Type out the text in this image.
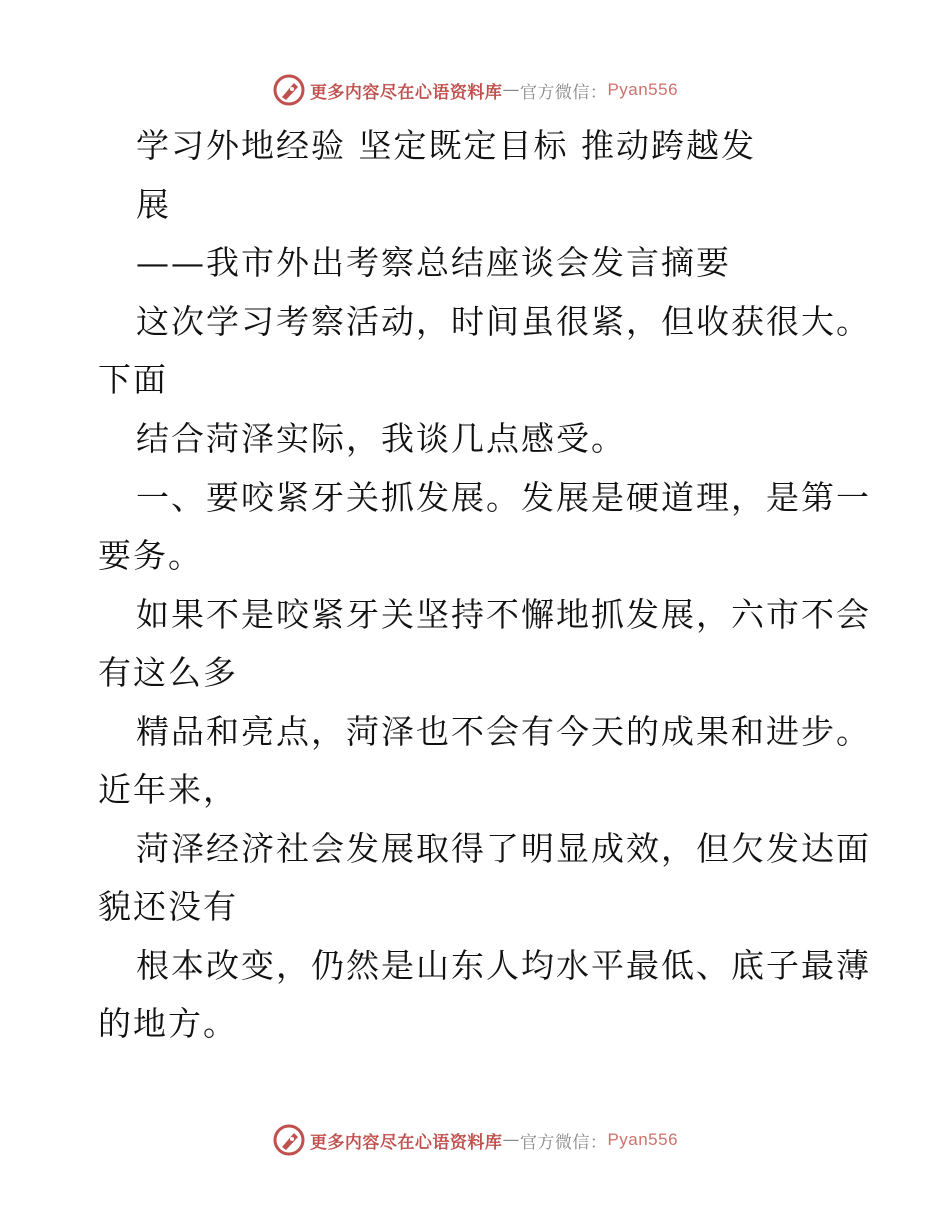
更多内容尽在心语资料库 — 官方微信： Pyan556
学习外地经验 坚定既定目标 推动跨越发
展
——我市外出考察总结座谈会发言摘要
这次学习考察活动，时间虽很紧，但收获很大。
下面
结合菏泽实际，我谈几点感受。
一、要咬紧牙关抓发展。发展是硬道理，是第一
要务。
如果不是咬紧牙关坚持不懈地抓发展，六市不会
有这么多
精品和亮点，菏泽也不会有今天的成果和进步。
近年来，
菏泽经济社会发展取得了明显成效，但欠发达面
貌还没有
根本改变，仍然是山东人均水平最低、底子最薄
的地方。
更多内容尽在心语资料库 — 官方微信： Pyan556
